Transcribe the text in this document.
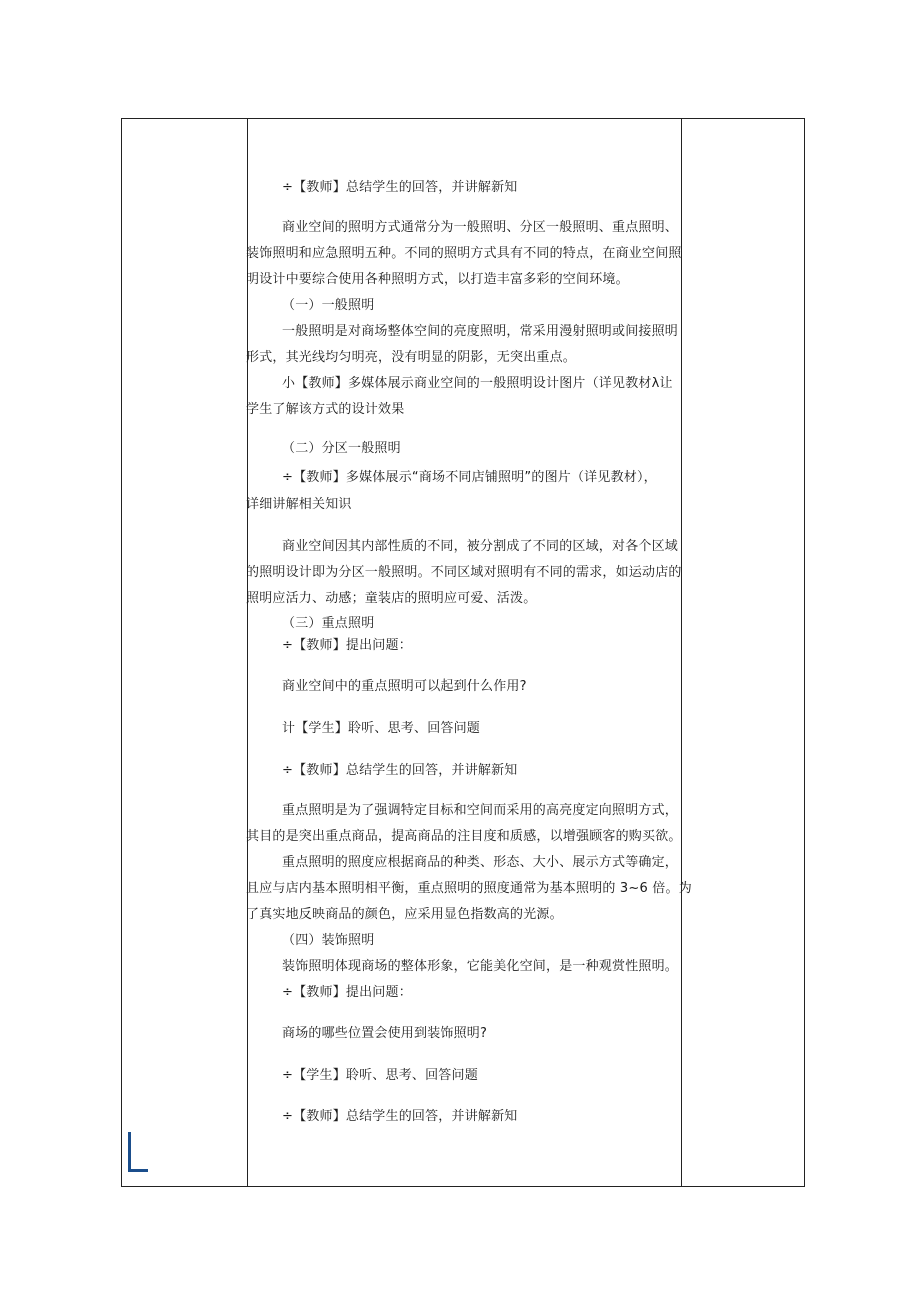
÷【教师】总结学生的回答，并讲解新知
商业空间的照明方式通常分为一般照明、分区一般照明、重点照明、
装饰照明和应急照明五种。不同的照明方式具有不同的特点，在商业空间照
明设计中要综合使用各种照明方式，以打造丰富多彩的空间环境。
（一）一般照明
一般照明是对商场整体空间的亮度照明，常采用漫射照明或间接照明
形式，其光线均匀明亮，没有明显的阴影，无突出重点。
小【教师】多媒体展示商业空间的一般照明设计图片（详见教材λ让
学生了解该方式的设计效果
（二）分区一般照明
÷【教师】多媒体展示“商场不同店铺照明”的图片（详见教材），
详细讲解相关知识
商业空间因其内部性质的不同，被分割成了不同的区域，对各个区域
的照明设计即为分区一般照明。不同区域对照明有不同的需求，如运动店的
照明应活力、动感；童装店的照明应可爱、活泼。
（三）重点照明
÷【教师】提出问题：
商业空间中的重点照明可以起到什么作用?
计【学生】聆听、思考、回答问题
÷【教师】总结学生的回答，并讲解新知
重点照明是为了强调特定目标和空间而采用的高亮度定向照明方式，
其目的是突出重点商品，提高商品的注目度和质感，以增强顾客的购买欲。
重点照明的照度应根据商品的种类、形态、大小、展示方式等确定，
且应与店内基本照明相平衡，重点照明的照度通常为基本照明的 3~6 倍。为
了真实地反映商品的颜色，应采用显色指数高的光源。
（四）装饰照明
装饰照明体现商场的整体形象，它能美化空间，是一种观赏性照明。
÷【教师】提出问题：
商场的哪些位置会使用到装饰照明?
÷【学生】聆听、思考、回答问题
÷【教师】总结学生的回答，并讲解新知
